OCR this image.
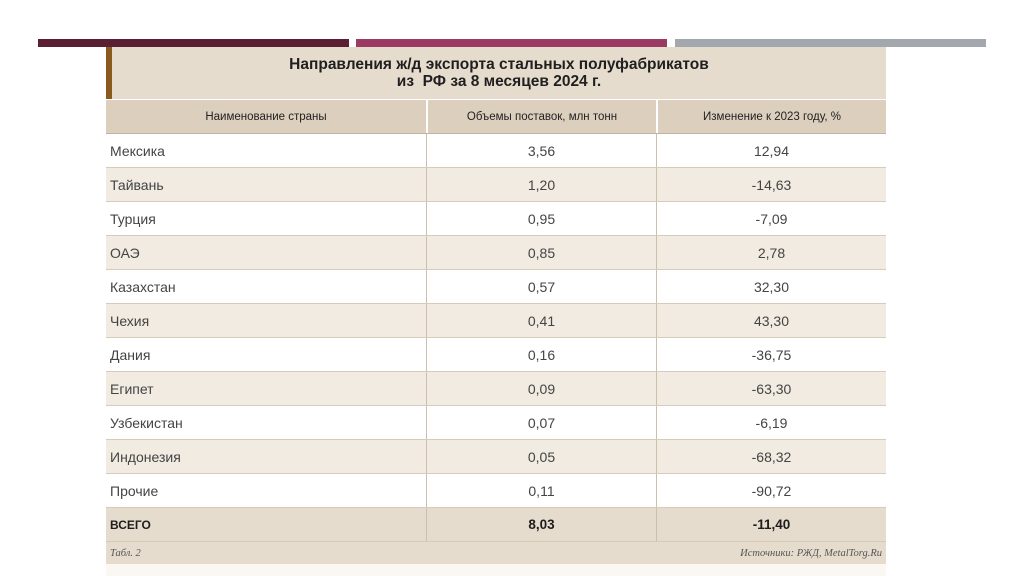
Направления ж/д экспорта стальных полуфабрикатов
из  РФ за 8 месяцев 2024 г.
Наименование страны	Объемы поставок, млн тонн	Изменение к 2023 году, %
Мексика	3,56	12,94
Тайвань	1,20	-14,63
Турция	0,95	-7,09
ОАЭ	0,85	2,78
Казахстан	0,57	32,30
Чехия	0,41	43,30
Дания	0,16	-36,75
Египет	0,09	-63,30
Узбекистан	0,07	-6,19
Индонезия	0,05	-68,32
Прочие	0,11	-90,72
ВСЕГО	8,03	-11,40
Табл. 2	Источники: РЖД, MetalTorg.Ru
